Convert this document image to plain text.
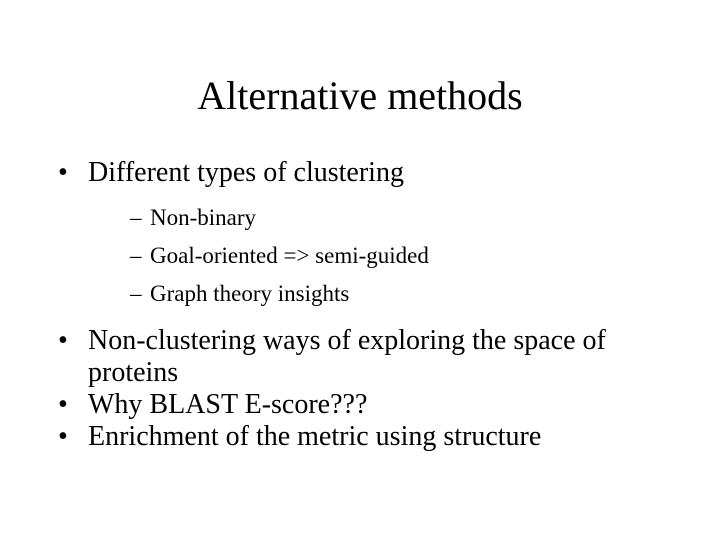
Alternative methods
• Different types of clustering
– Non-binary
– Goal-oriented => semi-guided
– Graph theory insights
• Non-clustering ways of exploring the space of proteins
• Why BLAST E-score???
• Enrichment of the metric using structure
